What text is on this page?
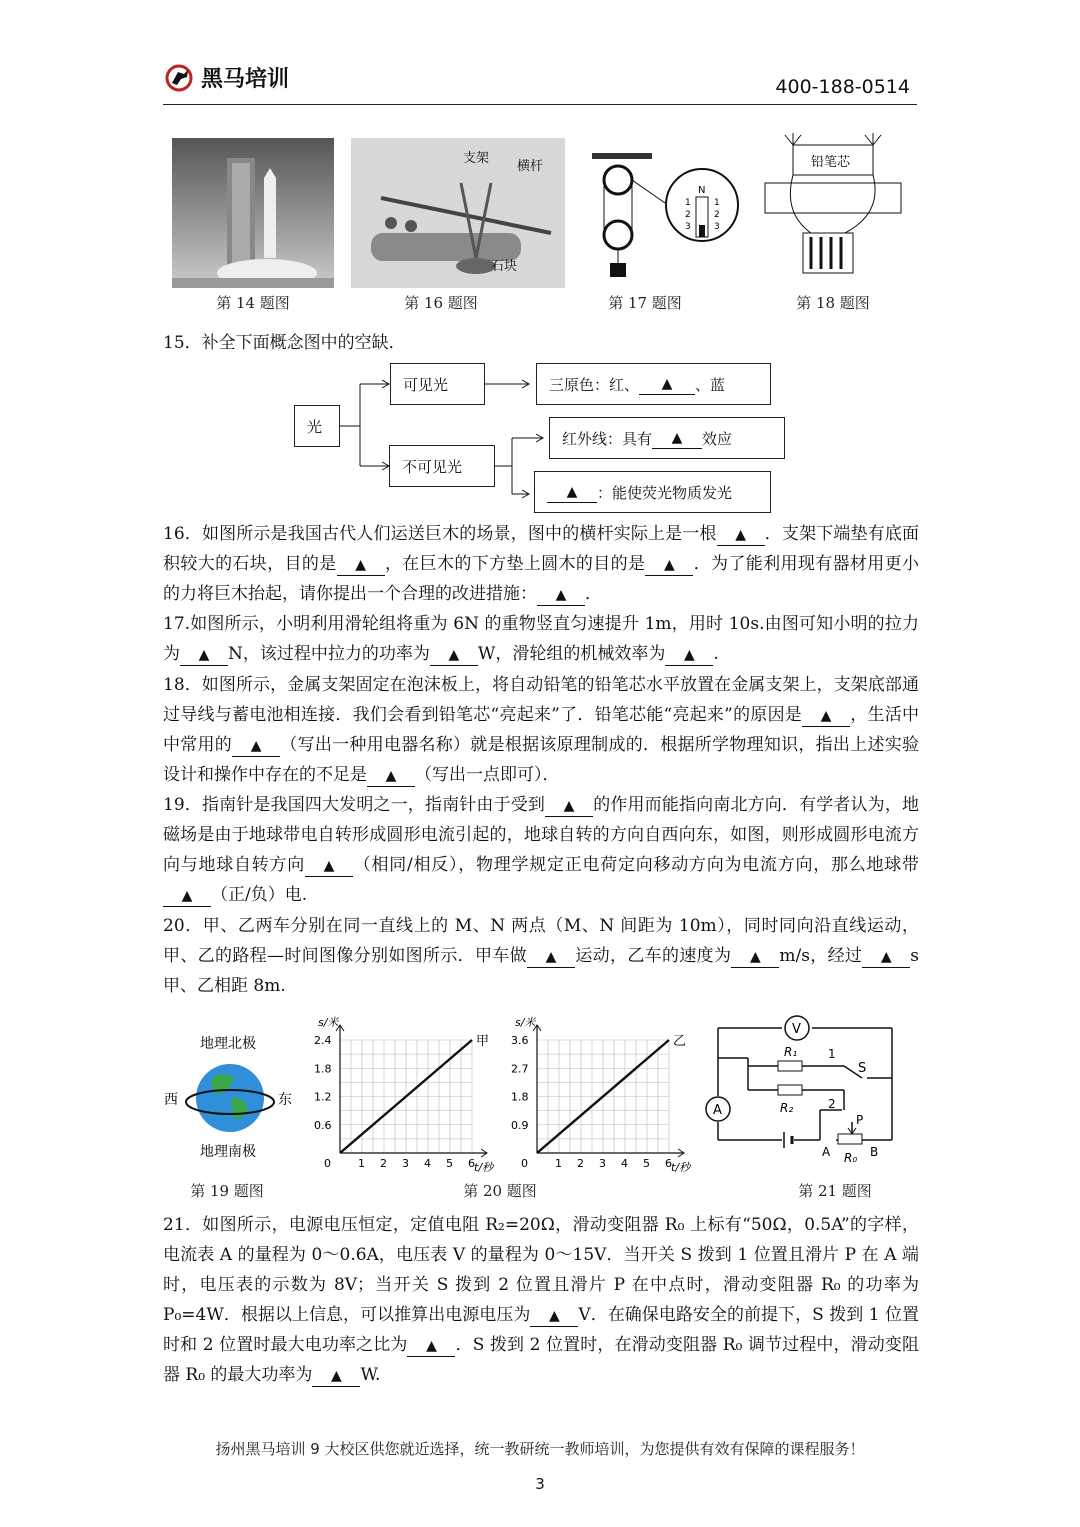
黑马培训	400-188-0514
第 14 题图
支架
横杆
石块
第 16 题图
N
1
2
3
1
2
3
第 17 题图
铅笔芯
第 18 题图
15．补全下面概念图中的空缺．
光
可见光
不可见光
三原色：红、	▲	、蓝
红外线：具有	▲	效应
▲	：能使荧光物质发光
16．如图所示是我国古代人们运送巨木的场景，图中的横杆实际上是一根 ▲ ．支架下端垫有底面积较大的石块，目的是 ▲ ，在巨木的下方垫上圆木的目的是 ▲ ．为了能利用现有器材用更小的力将巨木抬起，请你提出一个合理的改进措施： ▲ ．
17.如图所示，小明利用滑轮组将重为 6N 的重物竖直匀速提升 1m，用时 10s.由图可知小明的拉力为 ▲ N，该过程中拉力的功率为 ▲ W，滑轮组的机械效率为 ▲ .
18．如图所示，金属支架固定在泡沫板上，将自动铅笔的铅笔芯水平放置在金属支架上，支架底部通过导线与蓄电池相连接．我们会看到铅笔芯“亮起来”了．铅笔芯能“亮起来”的原因是 ▲ ，生活中中常用的 ▲ （写出一种用电器名称）就是根据该原理制成的．根据所学物理知识，指出上述实验设计和操作中存在的不足是 ▲ （写出一点即可）．
19．指南针是我国四大发明之一，指南针由于受到 ▲ 的作用而能指向南北方向．有学者认为，地磁场是由于地球带电自转形成圆形电流引起的，地球自转的方向自西向东，如图，则形成圆形电流方向与地球自转方向 ▲ （相同/相反），物理学规定正电荷定向移动方向为电流方向，那么地球带▲ （正/负）电.
20．甲、乙两车分别在同一直线上的 M、N 两点（M、N 间距为 10m），同时同向沿直线运动，甲、乙的路程—时间图像分别如图所示．甲车做 ▲ 运动，乙车的速度为 ▲ m/s，经过 ▲ s 甲、乙相距 8m.
地理北极
西	东
地理南极
第 19 题图
0 1 2 3 4 5 6
0.6
1.2
1.8
2.4
s/米
t/秒
甲
0 1 2 3 4 5 6
0.9
1.8
2.7
3.6
s/米
t/秒
乙
第 20 题图
V
A
R₁
R₂
1
2
S
P
A	B
R₀
第 21 题图
21．如图所示，电源电压恒定，定值电阻 R₂=20Ω，滑动变阻器 R₀ 上标有“50Ω，0.5A”的字样，电流表 A 的量程为 0～0.6A，电压表 V 的量程为 0～15V．当开关 S 拨到 1 位置且滑片 P 在 A 端时，电压表的示数为 8V；当开关 S 拨到 2 位置且滑片 P 在中点时，滑动变阻器 R₀ 的功率为 P₀=4W．根据以上信息，可以推算出电源电压为 ▲ V．在确保电路安全的前提下，S 拨到 1 位置时和 2 位置时最大电功率之比为 ▲ ．S 拨到 2 位置时，在滑动变阻器 R₀ 调节过程中，滑动变阻器 R₀ 的最大功率为 ▲ W.
扬州黑马培训 9 大校区供您就近选择，统一教研统一教师培训，为您提供有效有保障的课程服务！
3
